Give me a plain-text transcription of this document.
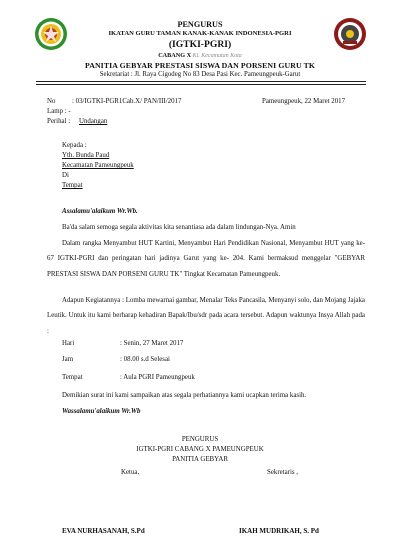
PENGURUS
IKATAN GURU TAMAN KANAK-KANAK INDONESIA-PGRI
(IGTKI-PGRI)
CABANG X Kt. Kecamatan Kota
PANITIA GEBYAR PRESTASI SISWA DAN PORSENI GURU TK
Sekretariat : Jl. Raya Cigodeg No 83 Desa Pasi Kec. Pameungpeuk-Garut
No : 03/IGTKI-PGR1Cab.X/ PAN/III/2017	Pameungpeuk, 22 Maret 2017
Lamp : -
Perihal : Undangan
Kepada :
Yth. Bunda Paud
Kecamatan Pameungpeuk
Di
Tempat
Assalamu'alaikum Wr.Wb.
Ba'da salam semoga segala aktivitas kita senantiasa ada dalam lindungan-Nya. Amin
Dalam rangka Menyambut HUT Kartini, Menyambut Hari Pendidikan Nasional, Menyambut HUT yang ke-67 IGTKI-PGRI dan peringatan hari jadinya Garut yang ke- 204. Kami bermaksud menggelar "GEBYAR PRESTASI SISWA DAN PORSENI GURU TK" Tingkat Kecamatan Pameungpeuk.
Adapun Kegiatannya : Lomba mewarnai gambar, Menalar Teks Pancasila, Menyanyi solo, dan Mojang Jajaka Leutik. Untuk itu kami berharap kehadiran Bapak/Ibu/sdr pada acara tersebut. Adapun waktunya Insya Allah pada :
Hari	: Senin, 27 Maret 2017
Jam	: 08.00 s.d Selesai
Tempat	: Aula PGRI Pameungpeuk
Demikian surat ini kami sampaikan atas segala perhatiannya kami ucapkan terima kasih.
Wassalamu'alaikum Wr.Wb
PENGURUS
IGTKI-PGRI CABANG X PAMEUNGPEUK
PANITIA GEBYAR
Ketua,	Sekretaris ,
EVA NURHASANAH, S.Pd	IKAH MUDRIKAH, S. Pd
